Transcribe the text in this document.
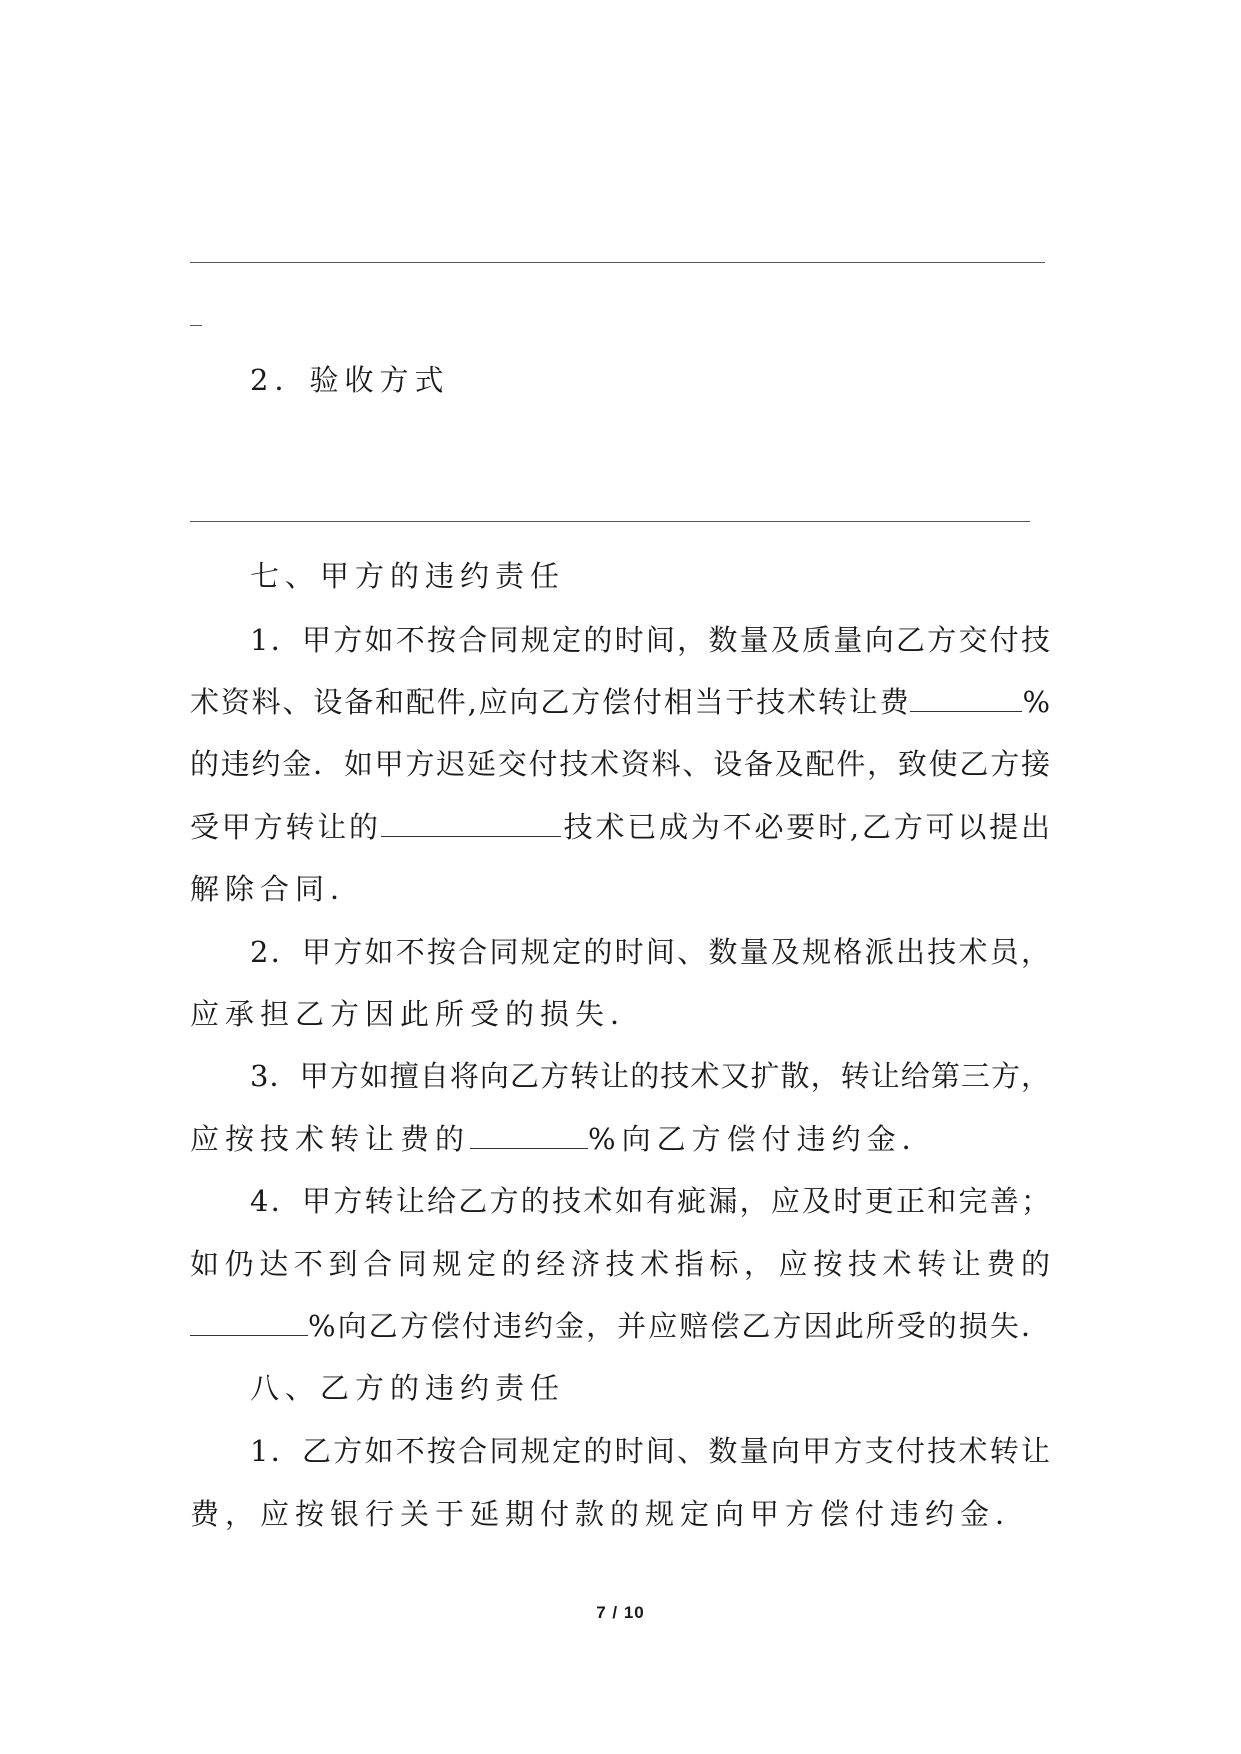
2．验收方式
七、甲方的违约责任
1．甲方如不按合同规定的时间，数量及质量向乙方交付技
术资料、设备和配件,应向乙方偿付相当于技术转让费	%
的违约金．如甲方迟延交付技术资料、设备及配件，致使乙方接
受甲方转让的	技术已成为不必要时,乙方可以提出
解除合同．
2．甲方如不按合同规定的时间、数量及规格派出技术员，
应承担乙方因此所受的损失．
3．甲方如擅自将向乙方转让的技术又扩散，转让给第三方，
应按技术转让费的	%向乙方偿付违约金．
4．甲方转让给乙方的技术如有疵漏，应及时更正和完善；
如仍达不到合同规定的经济技术指标，应按技术转让费的
%向乙方偿付违约金，并应赔偿乙方因此所受的损失．
八、乙方的违约责任
1．乙方如不按合同规定的时间、数量向甲方支付技术转让
费，应按银行关于延期付款的规定向甲方偿付违约金．
7 / 10
